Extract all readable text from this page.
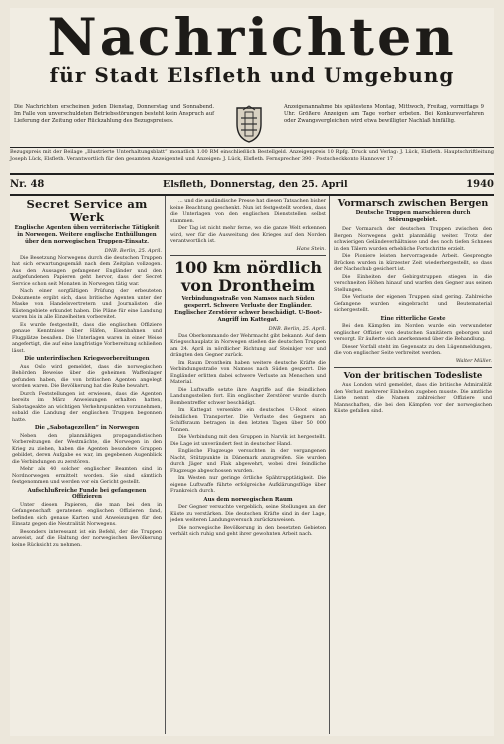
Nachrichten
für Stadt Elsfleth und Umgebung
Die Nachrichten erscheinen jeden Dienstag, Donnerstag und Sonnabend. Im Falle von unverschuldeten Betriebsstörungen besteht kein Anspruch auf Lieferung der Zeitung oder Rückzahlung des Bezugspreises.
Anzeigenannahme bis spätestens Montag, Mittwoch, Freitag, vormittags 9 Uhr. Größere Anzeigen am Tage vorher erbeten. Bei Konkursverfahren oder Zwangsvergleichen wird etwa bewilligter Nachlaß hinfällig.
Bezugspreis mit der Beilage „Illustrierte Unterhaltungsblatt“ monatlich 1.00 RM einschließlich Bestellgeld. Anzeigenpreis 10 Rpfg. Druck und Verlag: J. Lück, Elsfleth. Hauptschriftleitung Joseph Lück, Elsfleth. Verantwortlich für den gesamten Anzeigenteil und Anzeigen: J. Lück, Elsfleth. Fernsprecher 390 · Postscheckkonto Hannover 17
Nr. 48	Elsfleth, Donnerstag, den 25. April	1940
Secret Service am Werk
Englische Agenten üben verräterische Tätigkeit in Norwegen. Weitere englische Enthüllungen über den norwegischen Truppen-Einsatz.
DNB. Berlin, 25. April.

Die Besetzung Norwegens durch die deutschen Truppen hat sich erwartungsgemäß nach dem Zeitplan vollzogen. Aus den Aussagen gefangener Engländer und den aufgefundenen Papieren geht hervor, dass der Secret Service schon seit Monaten in Norwegen tätig war.

Nach einer sorgfältigen Prüfung der erbeuteten Dokumente ergibt sich, dass britische Agenten unter der Maske von Handelsvertretern und Journalisten die Küstengebiete erkundet haben. Die Pläne für eine Landung waren bis in alle Einzelheiten vorbereitet.

Es wurde festgestellt, dass die englischen Offiziere genaue Kenntnisse über Häfen, Eisenbahnen und Flugplätze besaßen. Die Unterlagen waren in einer Weise angefertigt, die auf eine langfristige Vorbereitung schließen lässt.

Die unterirdischen Kriegsvorbereitungen

Aus Oslo wird gemeldet, dass die norwegischen Behörden Beweise über die geheimen Waffenlager gefunden haben, die von britischen Agenten angelegt worden waren. Die Bevölkerung hat die Ruhe bewahrt.

Durch Feststellungen ist erwiesen, dass die Agenten bereits im März Anweisungen erhalten hatten, Sabotageakte an wichtigen Verkehrspunkten vorzunehmen, sobald die Landung der englischen Truppen begonnen hatte.

Die „Sabotagezellen“ in Norwegen

Neben den planmäßigen propagandistischen Vorbereitungen der Westmächte, die Norwegen in den Krieg zu ziehen, haben die Agenten besondere Gruppen gebildet, deren Aufgabe es war, im gegebenen Augenblick die Verbindungen zu zerstören.

Mehr als 40 solcher englischer Beamten sind in Nordnorwegen ermittelt worden. Sie sind sämtlich festgenommen und werden vor ein Gericht gestellt.

Aufschlußreiche Funde bei gefangenen Offizieren

Unter diesen Papieren, die man bei den in Gefangenschaft geratenen englischen Offizieren fand, befinden sich genaue Karten und Anweisungen für den Einsatz gegen die Neutralität Norwegens.

Besonders interessant ist ein Befehl, der die Truppen anweist, auf die Haltung der norwegischen Bevölkerung keine Rücksicht zu nehmen.

... und die ausländische Presse hat diesen Tatsachen bisher keine Beachtung geschenkt. Nun ist festgestellt worden, dass die Unterlagen von den englischen Dienststellen selbst stammen.

Der Tag ist nicht mehr ferne, wo die ganze Welt erkennen wird, wer für die Ausweitung des Krieges auf den Norden verantwortlich ist.

Hans Stein.
100 km nördlich von Drontheim
Verbindungsstraße von Namsos nach Süden gesperrt. Schwere Verluste der Engländer. Englischer Zerstörer schwer beschädigt. U-Boot-Angriff im Kattegat.
DNB. Berlin, 25. April.

Das Oberkommando der Wehrmacht gibt bekannt: Auf dem Kriegsschauplatz in Norwegen stießen die deutschen Truppen am 24. April in nördlicher Richtung auf Steinkjer vor und drängten den Gegner zurück.

Im Raum Drontheim haben weitere deutsche Kräfte die Verbindungsstraße von Namsos nach Süden gesperrt. Die Engländer erlitten dabei schwere Verluste an Menschen und Material.

Die Luftwaffe setzte ihre Angriffe auf die feindlichen Landungsstellen fort. Ein englischer Zerstörer wurde durch Bombentreffer schwer beschädigt.

Im Kattegat versenkte ein deutsches U-Boot einen feindlichen Transporter. Die Verluste des Gegners an Schiffsraum betragen in den letzten Tagen über 50 000 Tonnen.

Die Verbindung mit den Gruppen in Narvik ist hergestellt. Die Lage ist unverändert fest in deutscher Hand.

Englische Flugzeuge versuchten in der vergangenen Nacht, Stützpunkte in Dänemark anzugreifen. Sie wurden durch Jäger und Flak abgewehrt, wobei drei feindliche Flugzeuge abgeschossen wurden.

Im Westen nur geringe örtliche Spähtrupptätigkeit. Die eigene Luftwaffe führte erfolgreiche Aufklärungsflüge über Frankreich durch.

Aus dem norwegischen Raum

Der Gegner versuchte vergeblich, seine Stellungen an der Küste zu verstärken. Die deutschen Kräfte sind in der Lage, jeden weiteren Landungsversuch zurückzuweisen.

Die norwegische Bevölkerung in den besetzten Gebieten verhält sich ruhig und geht ihrer gewohnten Arbeit nach.

Vormarsch zwischen Bergen
Deutsche Truppen marschieren durch Störungsgebiet.

Der Vormarsch der deutschen Truppen zwischen den Bergen Norwegens geht planmäßig weiter. Trotz der schwierigen Geländeverhältnisse und des noch tiefen Schnees in den Tälern wurden erhebliche Fortschritte erzielt.

Die Pioniere leisten hervorragende Arbeit. Gesprengte Brücken wurden in kürzester Zeit wiederhergestellt, so dass der Nachschub gesichert ist.

Die Einheiten der Gebirgstruppen stiegen in die verschneiten Höhen hinauf und warfen den Gegner aus seinen Stellungen.

Die Verluste der eigenen Truppen sind gering. Zahlreiche Gefangene wurden eingebracht und Beutematerial sichergestellt.

Eine ritterliche Geste

Bei den Kämpfen im Norden wurde ein verwundeter englischer Offizier von deutschen Sanitätern geborgen und versorgt. Er äußerte sich anerkennend über die Behandlung.

Dieser Vorfall steht im Gegensatz zu den Lügenmeldungen, die von englischer Seite verbreitet werden.

Walter Müller.
Von der britischen Todesliste

Aus London wird gemeldet, dass die britische Admiralität den Verlust mehrerer Einheiten zugeben musste. Die amtliche Liste nennt die Namen zahlreicher Offiziere und Mannschaften, die bei den Kämpfen vor der norwegischen Küste gefallen sind.
